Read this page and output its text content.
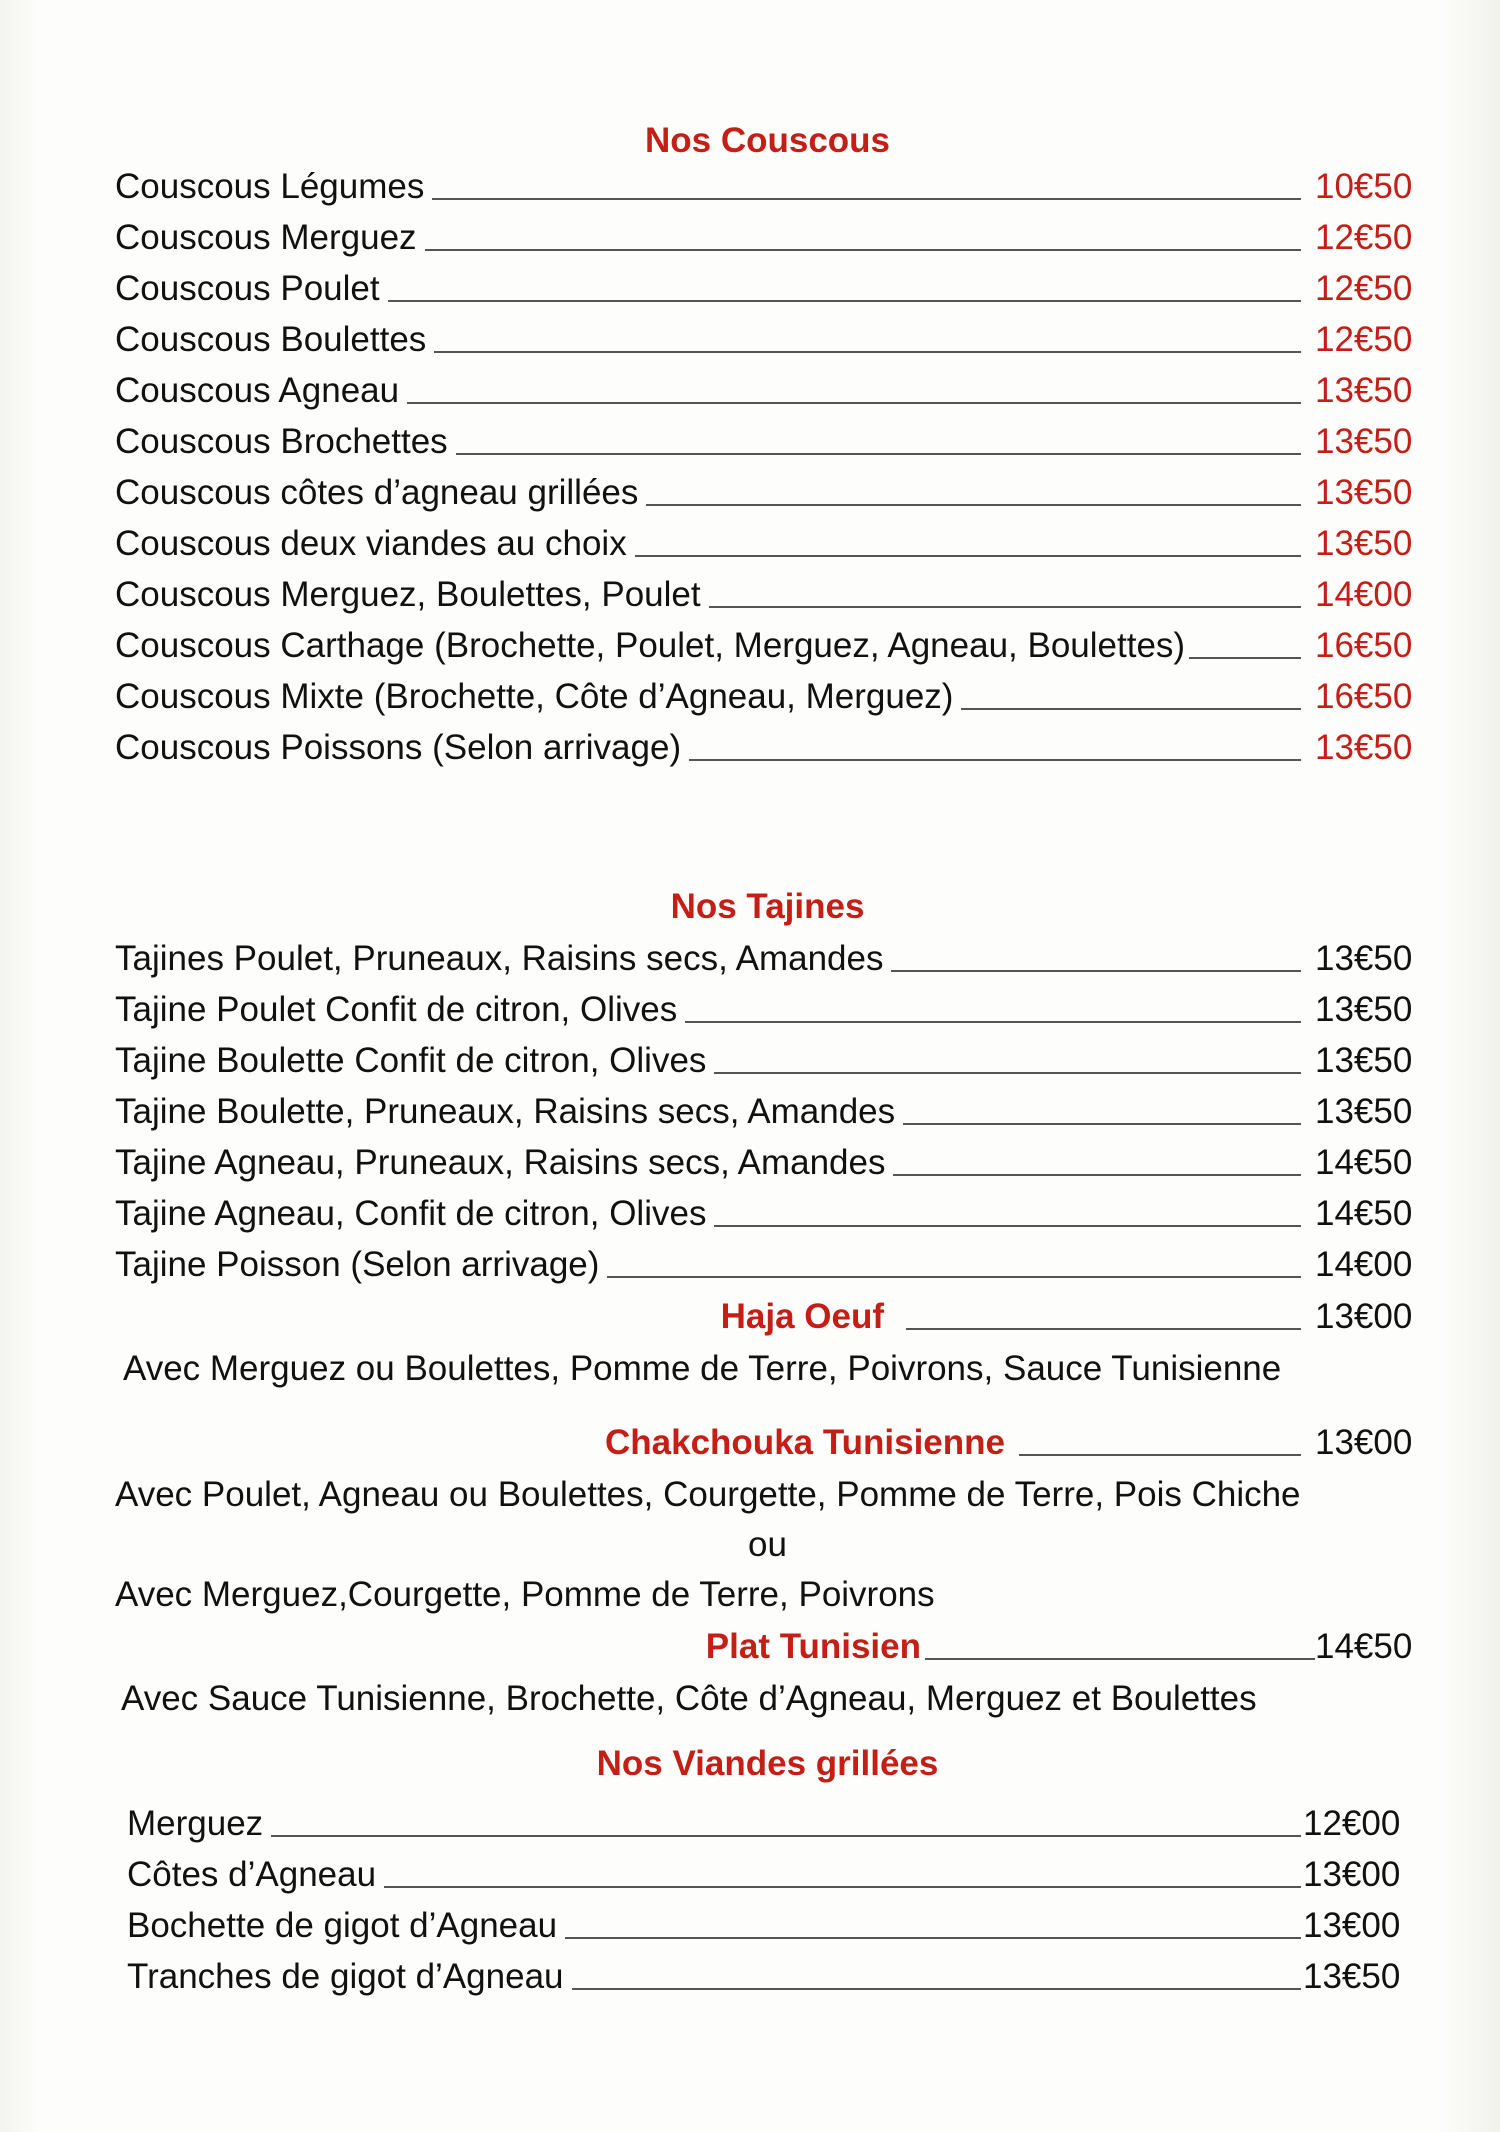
Nos Couscous
Couscous Légumes	10€50
Couscous Merguez	12€50
Couscous Poulet	12€50
Couscous Boulettes	12€50
Couscous Agneau	13€50
Couscous Brochettes	13€50
Couscous côtes d’agneau grillées	13€50
Couscous deux viandes au choix	13€50
Couscous Merguez, Boulettes, Poulet	14€00
Couscous Carthage (Brochette, Poulet, Merguez, Agneau, Boulettes)	16€50
Couscous Mixte (Brochette, Côte d’Agneau, Merguez)	16€50
Couscous Poissons (Selon arrivage)	13€50
Nos Tajines
Tajines Poulet, Pruneaux, Raisins secs, Amandes	13€50
Tajine Poulet Confit de citron, Olives	13€50
Tajine Boulette Confit de citron, Olives	13€50
Tajine Boulette, Pruneaux, Raisins secs, Amandes	13€50
Tajine Agneau, Pruneaux, Raisins secs, Amandes	14€50
Tajine Agneau, Confit de citron, Olives	14€50
Tajine Poisson (Selon arrivage)	14€00
Haja Oeuf	13€00
Avec Merguez ou Boulettes, Pomme de Terre, Poivrons, Sauce Tunisienne
Chakchouka Tunisienne	13€00
Avec Poulet, Agneau ou Boulettes, Courgette, Pomme de Terre, Pois Chiche
ou
Avec Merguez,Courgette, Pomme de Terre, Poivrons
Plat Tunisien	14€50
Avec Sauce Tunisienne, Brochette, Côte d’Agneau, Merguez et Boulettes
Nos Viandes grillées
Merguez	12€00
Côtes d’Agneau	13€00
Bochette de gigot d’Agneau	13€00
Tranches de gigot d’Agneau	13€50
